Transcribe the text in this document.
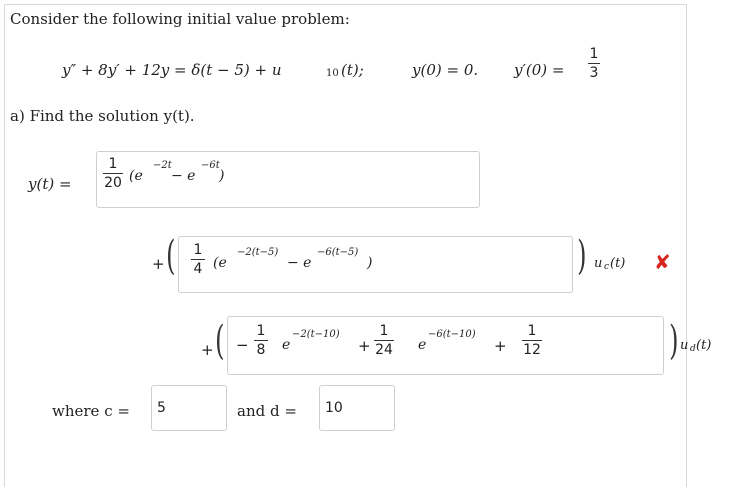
Consider the following initial value problem:
y″ + 8y′ + 12y = δ(t − 5) + u	10 (t);	y(0) = 0. y′(0) =
1
3
a) Find the solution y(t).
y(t) =
1
20 (e
−2t
− e
−6t
)
+ ( 1
4 (e
−2(t−5)
− e
−6(t−5)
)	) u c (t) ✘
+ ( −
1
8 e
−2(t−10)
+
1
24 e
−6(t−10)
+
1
12	) u d (t)
where c = 5	and d = 10
